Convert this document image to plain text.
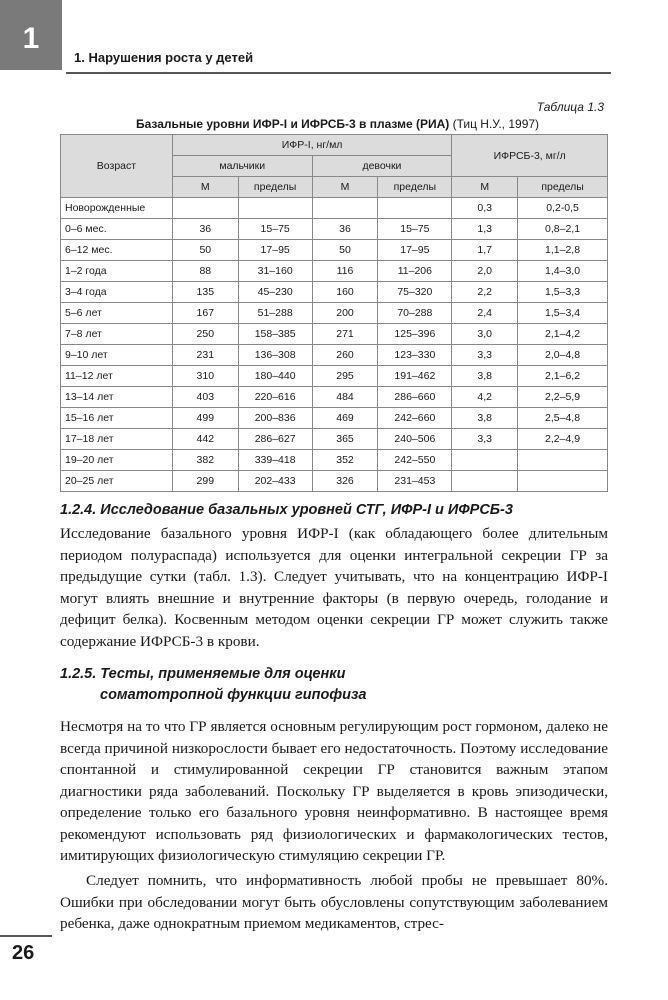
1
1. Нарушения роста у детей
Таблица 1.3
Базальные уровни ИФР-I и ИФРСБ-3 в плазме (РИА) (Тиц Н.У., 1997)
Возраст	ИФР-I, нг/мл				ИФРСБ-3, мг/л	
	мальчики		девочки			
	М	пределы	М	пределы	М	пределы
Новорожденные					0,3	0,2-0,5
0–6 мес.	36	15–75	36	15–75	1,3	0,8–2,1
6–12 мес.	50	17–95	50	17–95	1,7	1,1–2,8
1–2 года	88	31–160	116	11–206	2,0	1,4–3,0
3–4 года	135	45–230	160	75–320	2,2	1,5–3,3
5–6 лет	167	51–288	200	70–288	2,4	1,5–3,4
7–8 лет	250	158–385	271	125–396	3,0	2,1–4,2
9–10 лет	231	136–308	260	123–330	3,3	2,0–4,8
11–12 лет	310	180–440	295	191–462	3,8	2,1–6,2
13–14 лет	403	220–616	484	286–660	4,2	2,2–5,9
15–16 лет	499	200–836	469	242–660	3,8	2,5–4,8
17–18 лет	442	286–627	365	240–506	3,3	2,2–4,9
19–20 лет	382	339–418	352	242–550		
20–25 лет	299	202–433	326	231–453		
1.2.4. Исследование базальных уровней СТГ, ИФР-I и ИФРСБ-3

Исследование базального уровня ИФР-I (как обладающего более длительным периодом полураспада) используется для оценки интегральной секреции ГР за предыдущие сутки (табл. 1.3). Следует учитывать, что на концентрацию ИФР-I могут влиять внешние и внутренние факторы (в первую очередь, голодание и дефицит белка). Косвенным методом оценки секреции ГР может служить также содержание ИФРСБ-3 в крови.

1.2.5. Тесты, применяемые для оценки
соматотропной функции гипофиза

Несмотря на то что ГР является основным регулирующим рост гормоном, далеко не всегда причиной низкорослости бывает его недостаточность. Поэтому исследование спонтанной и стимулированной секреции ГР становится важным этапом диагностики ряда заболеваний. Поскольку ГР выделяется в кровь эпизодически, определение только его базального уровня неинформативно. В настоящее время рекомендуют использовать ряд физиологических и фармакологических тестов, имитирующих физиологическую стимуляцию секреции ГР.

Следует помнить, что информативность любой пробы не превышает 80%. Ошибки при обследовании могут быть обусловлены сопутствующим заболеванием ребенка, даже однократным приемом медикаментов, стрес-

26
